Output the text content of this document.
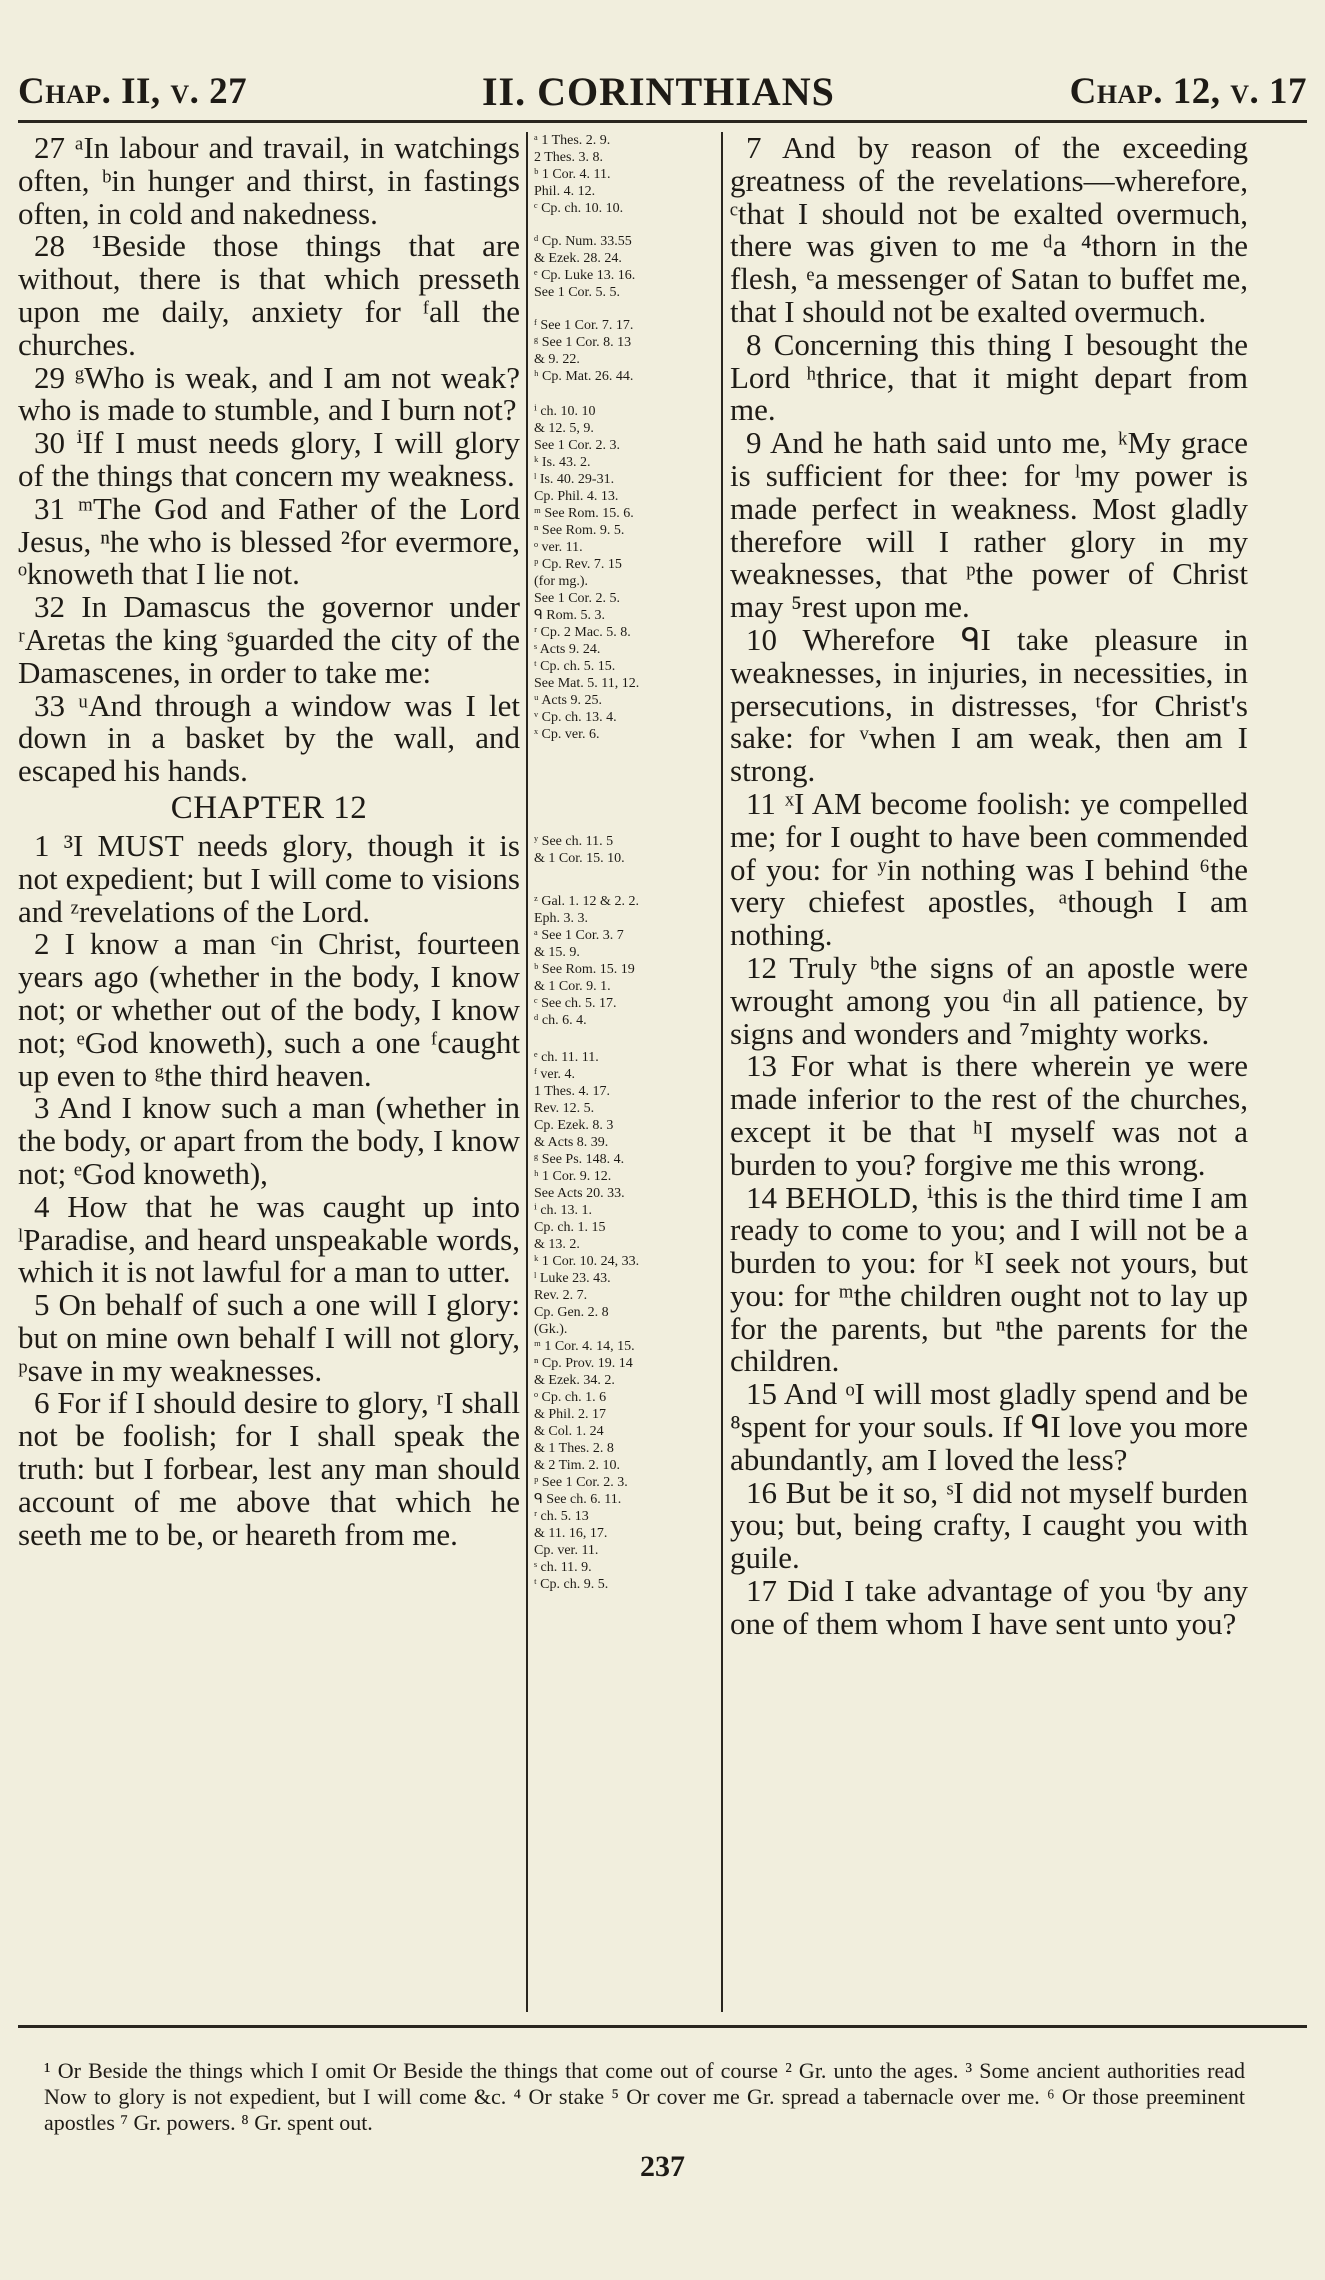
Chap. II, v. 27	II. CORINTHIANS	Chap. 12, v. 17

27 ᵃIn labour and travail, in watchings often, ᵇin hunger and thirst, in fastings often, in cold and nakedness.

28 ¹Beside those things that are without, there is that which presseth upon me daily, anxiety for ᶠall the churches.

29 ᵍWho is weak, and I am not weak? who is made to stumble, and I burn not?

30 ⁱIf I must needs glory, I will glory of the things that concern my weakness.

31 ᵐThe God and Father of the Lord Jesus, ⁿhe who is blessed ²for evermore, ᵒknoweth that I lie not.

32 In Damascus the governor under ʳAretas the king ˢguarded the city of the Damascenes, in order to take me:

33 ᵘAnd through a window was I let down in a basket by the wall, and escaped his hands.

CHAPTER 12

1 ³I MUST needs glory, though it is not expedient; but I will come to visions and ᶻrevelations of the Lord.

2 I know a man ᶜin Christ, fourteen years ago (whether in the body, I know not; or whether out of the body, I know not; ᵉGod knoweth), such a one ᶠcaught up even to ᵍthe third heaven.

3 And I know such a man (whether in the body, or apart from the body, I know not; ᵉGod knoweth),

4 How that he was caught up into ˡParadise, and heard unspeakable words, which it is not lawful for a man to utter.

5 On behalf of such a one will I glory: but on mine own behalf I will not glory, ᵖsave in my weaknesses.

6 For if I should desire to glory, ʳI shall not be foolish; for I shall speak the truth: but I forbear, lest any man should account of me above that which he seeth me to be, or heareth from me.

ᵃ 1 Thes. 2. 9.

2 Thes. 3. 8.

ᵇ 1 Cor. 4. 11.

Phil. 4. 12.

ᶜ Cp. ch. 10. 10.

ᵈ Cp. Num. 33.55

& Ezek. 28. 24.

ᵉ Cp. Luke 13. 16.

See 1 Cor. 5. 5.

ᶠ See 1 Cor. 7. 17.

ᵍ See 1 Cor. 8. 13

& 9. 22.

ʰ Cp. Mat. 26. 44.

ⁱ ch. 10. 10

& 12. 5, 9.

See 1 Cor. 2. 3.

ᵏ Is. 43. 2.

ˡ Is. 40. 29-31.

Cp. Phil. 4. 13.

ᵐ See Rom. 15. 6.

ⁿ See Rom. 9. 5.

ᵒ ver. 11.

ᵖ Cp. Rev. 7. 15

(for mg.).

See 1 Cor. 2. 5.

ᑫ Rom. 5. 3.

ʳ Cp. 2 Mac. 5. 8.

ˢ Acts 9. 24.

ᵗ Cp. ch. 5. 15.

See Mat. 5. 11, 12.

ᵘ Acts 9. 25.

ᵛ Cp. ch. 13. 4.

ˣ Cp. ver. 6.

ʸ See ch. 11. 5

& 1 Cor. 15. 10.

ᶻ Gal. 1. 12 & 2. 2.

Eph. 3. 3.

ᵃ See 1 Cor. 3. 7

& 15. 9.

ᵇ See Rom. 15. 19

& 1 Cor. 9. 1.

ᶜ See ch. 5. 17.

ᵈ ch. 6. 4.

ᵉ ch. 11. 11.

ᶠ ver. 4.

1 Thes. 4. 17.

Rev. 12. 5.

Cp. Ezek. 8. 3

& Acts 8. 39.

ᵍ See Ps. 148. 4.

ʰ 1 Cor. 9. 12.

See Acts 20. 33.

ⁱ ch. 13. 1.

Cp. ch. 1. 15

& 13. 2.

ᵏ 1 Cor. 10. 24, 33.

ˡ Luke 23. 43.

Rev. 2. 7.

Cp. Gen. 2. 8

(Gk.).

ᵐ 1 Cor. 4. 14, 15.

ⁿ Cp. Prov. 19. 14

& Ezek. 34. 2.

ᵒ Cp. ch. 1. 6

& Phil. 2. 17

& Col. 1. 24

& 1 Thes. 2. 8

& 2 Tim. 2. 10.

ᵖ See 1 Cor. 2. 3.

ᑫ See ch. 6. 11.

ʳ ch. 5. 13

& 11. 16, 17.

Cp. ver. 11.

ˢ ch. 11. 9.

ᵗ Cp. ch. 9. 5.

7 And by reason of the exceeding greatness of the revelations—wherefore, ᶜthat I should not be exalted overmuch, there was given to me ᵈa ⁴thorn in the flesh, ᵉa messenger of Satan to buffet me, that I should not be exalted overmuch.

8 Concerning this thing I besought the Lord ʰthrice, that it might depart from me.

9 And he hath said unto me, ᵏMy grace is sufficient for thee: for ˡmy power is made perfect in weakness. Most gladly therefore will I rather glory in my weaknesses, that ᵖthe power of Christ may ⁵rest upon me.

10 Wherefore ᑫI take pleasure in weaknesses, in injuries, in necessities, in persecutions, in distresses, ᵗfor Christ's sake: for ᵛwhen I am weak, then am I strong.

11 ˣI AM become foolish: ye compelled me; for I ought to have been commended of you: for ʸin nothing was I behind ⁶the very chiefest apostles, ᵃthough I am nothing.

12 Truly ᵇthe signs of an apostle were wrought among you ᵈin all patience, by signs and wonders and ⁷mighty works.

13 For what is there wherein ye were made inferior to the rest of the churches, except it be that ʰI myself was not a burden to you? forgive me this wrong.

14 BEHOLD, ⁱthis is the third time I am ready to come to you; and I will not be a burden to you: for ᵏI seek not yours, but you: for ᵐthe children ought not to lay up for the parents, but ⁿthe parents for the children.

15 And ᵒI will most gladly spend and be ⁸spent for your souls. If ᑫI love you more abundantly, am I loved the less?

16 But be it so, ˢI did not myself burden you; but, being crafty, I caught you with guile.

17 Did I take advantage of you ᵗby any one of them whom I have sent unto you?

¹ Or Beside the things which I omit Or Beside the things that come out of course ² Gr. unto the ages. ³ Some ancient authorities read Now to glory is not expedient, but I will come &c. ⁴ Or stake ⁵ Or cover me Gr. spread a tabernacle over me. ⁶ Or those preeminent apostles ⁷ Gr. powers. ⁸ Gr. spent out.
237
